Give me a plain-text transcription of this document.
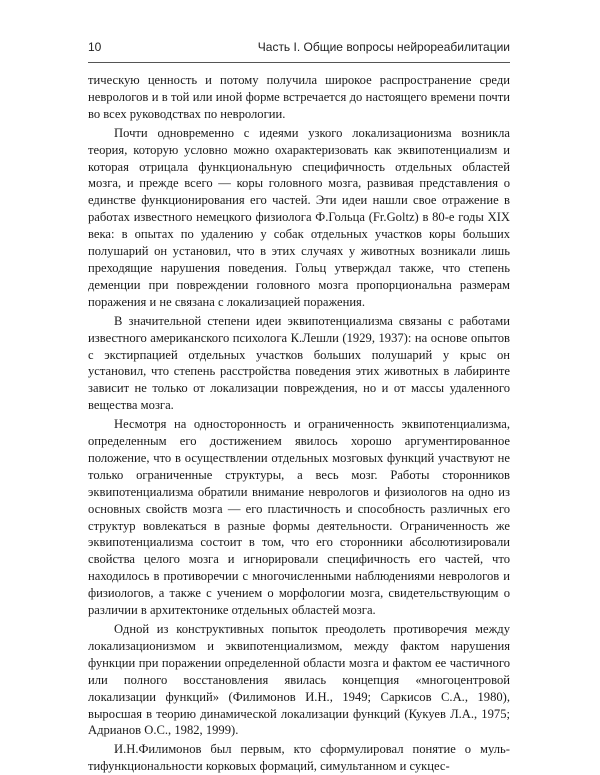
10	Часть I. Общие вопросы нейрореабилитации

тическую ценность и потому получила широкое распространение среди неврологов и в той или иной форме встречается до настоящего времени почти во всех руководствах по неврологии.

Почти одновременно с идеями узкого локализационизма возникла теория, которую условно можно охарактеризовать как эквипотенциализм и которая отрицала функциональную специфичность отдельных областей мозга, и прежде всего — коры головного мозга, развивая представления о единстве функционирования его частей. Эти идеи нашли свое отражение в работах известного немецкого физиолога Ф.Гольца (Fr.Goltz) в 80-е годы XIX века: в опытах по удалению у собак отдельных участков коры больших полушарий он установил, что в этих случаях у животных возникали лишь преходящие нарушения поведения. Гольц утверждал также, что степень деменции при повреждении головного мозга пропорциональна размерам поражения и не связана с локализацией поражения.

В значительной степени идеи эквипотенциализма связаны с работами известного американского психолога К.Лешли (1929, 1937): на основе опытов с экстирпацией отдельных участков больших полушарий у крыс он установил, что степень расстройства поведения этих животных в лабиринте зависит не только от локализации повреждения, но и от массы удаленного вещества мозга.

Несмотря на односторонность и ограниченность эквипотенциализма, определенным его достижением явилось хорошо аргументированное положение, что в осуществлении отдельных мозговых функций участвуют не только ограниченные структуры, а весь мозг. Работы сторонников эквипотенциализма обратили внимание неврологов и физиологов на одно из основных свойств мозга — его пластичность и способность различных его структур вовлекаться в разные формы деятельности. Ограниченность же эквипотенциализма состоит в том, что его сторонники абсолютизировали свойства целого мозга и игнорировали специфичность его частей, что находилось в противоречии с многочисленными наблюдениями неврологов и физиологов, а также с учением о морфологии мозга, свидетельствующим о различии в архитектонике отдельных областей мозга.

Одной из конструктивных попыток преодолеть противоречия между локализационизмом и эквипотенциализмом, между фактом нарушения функции при поражении определенной области мозга и фактом ее частичного или полного восстановления явилась концепция «многоцентровой локализации функций» (Филимонов И.Н., 1949; Саркисов С.А., 1980), выросшая в теорию динамической локализации функций (Кукуев Л.А., 1975; Адрианов О.С., 1982, 1999).

И.Н.Филимонов был первым, кто сформулировал понятие о мультифункциональности корковых формаций, симультанном и сукцес-
